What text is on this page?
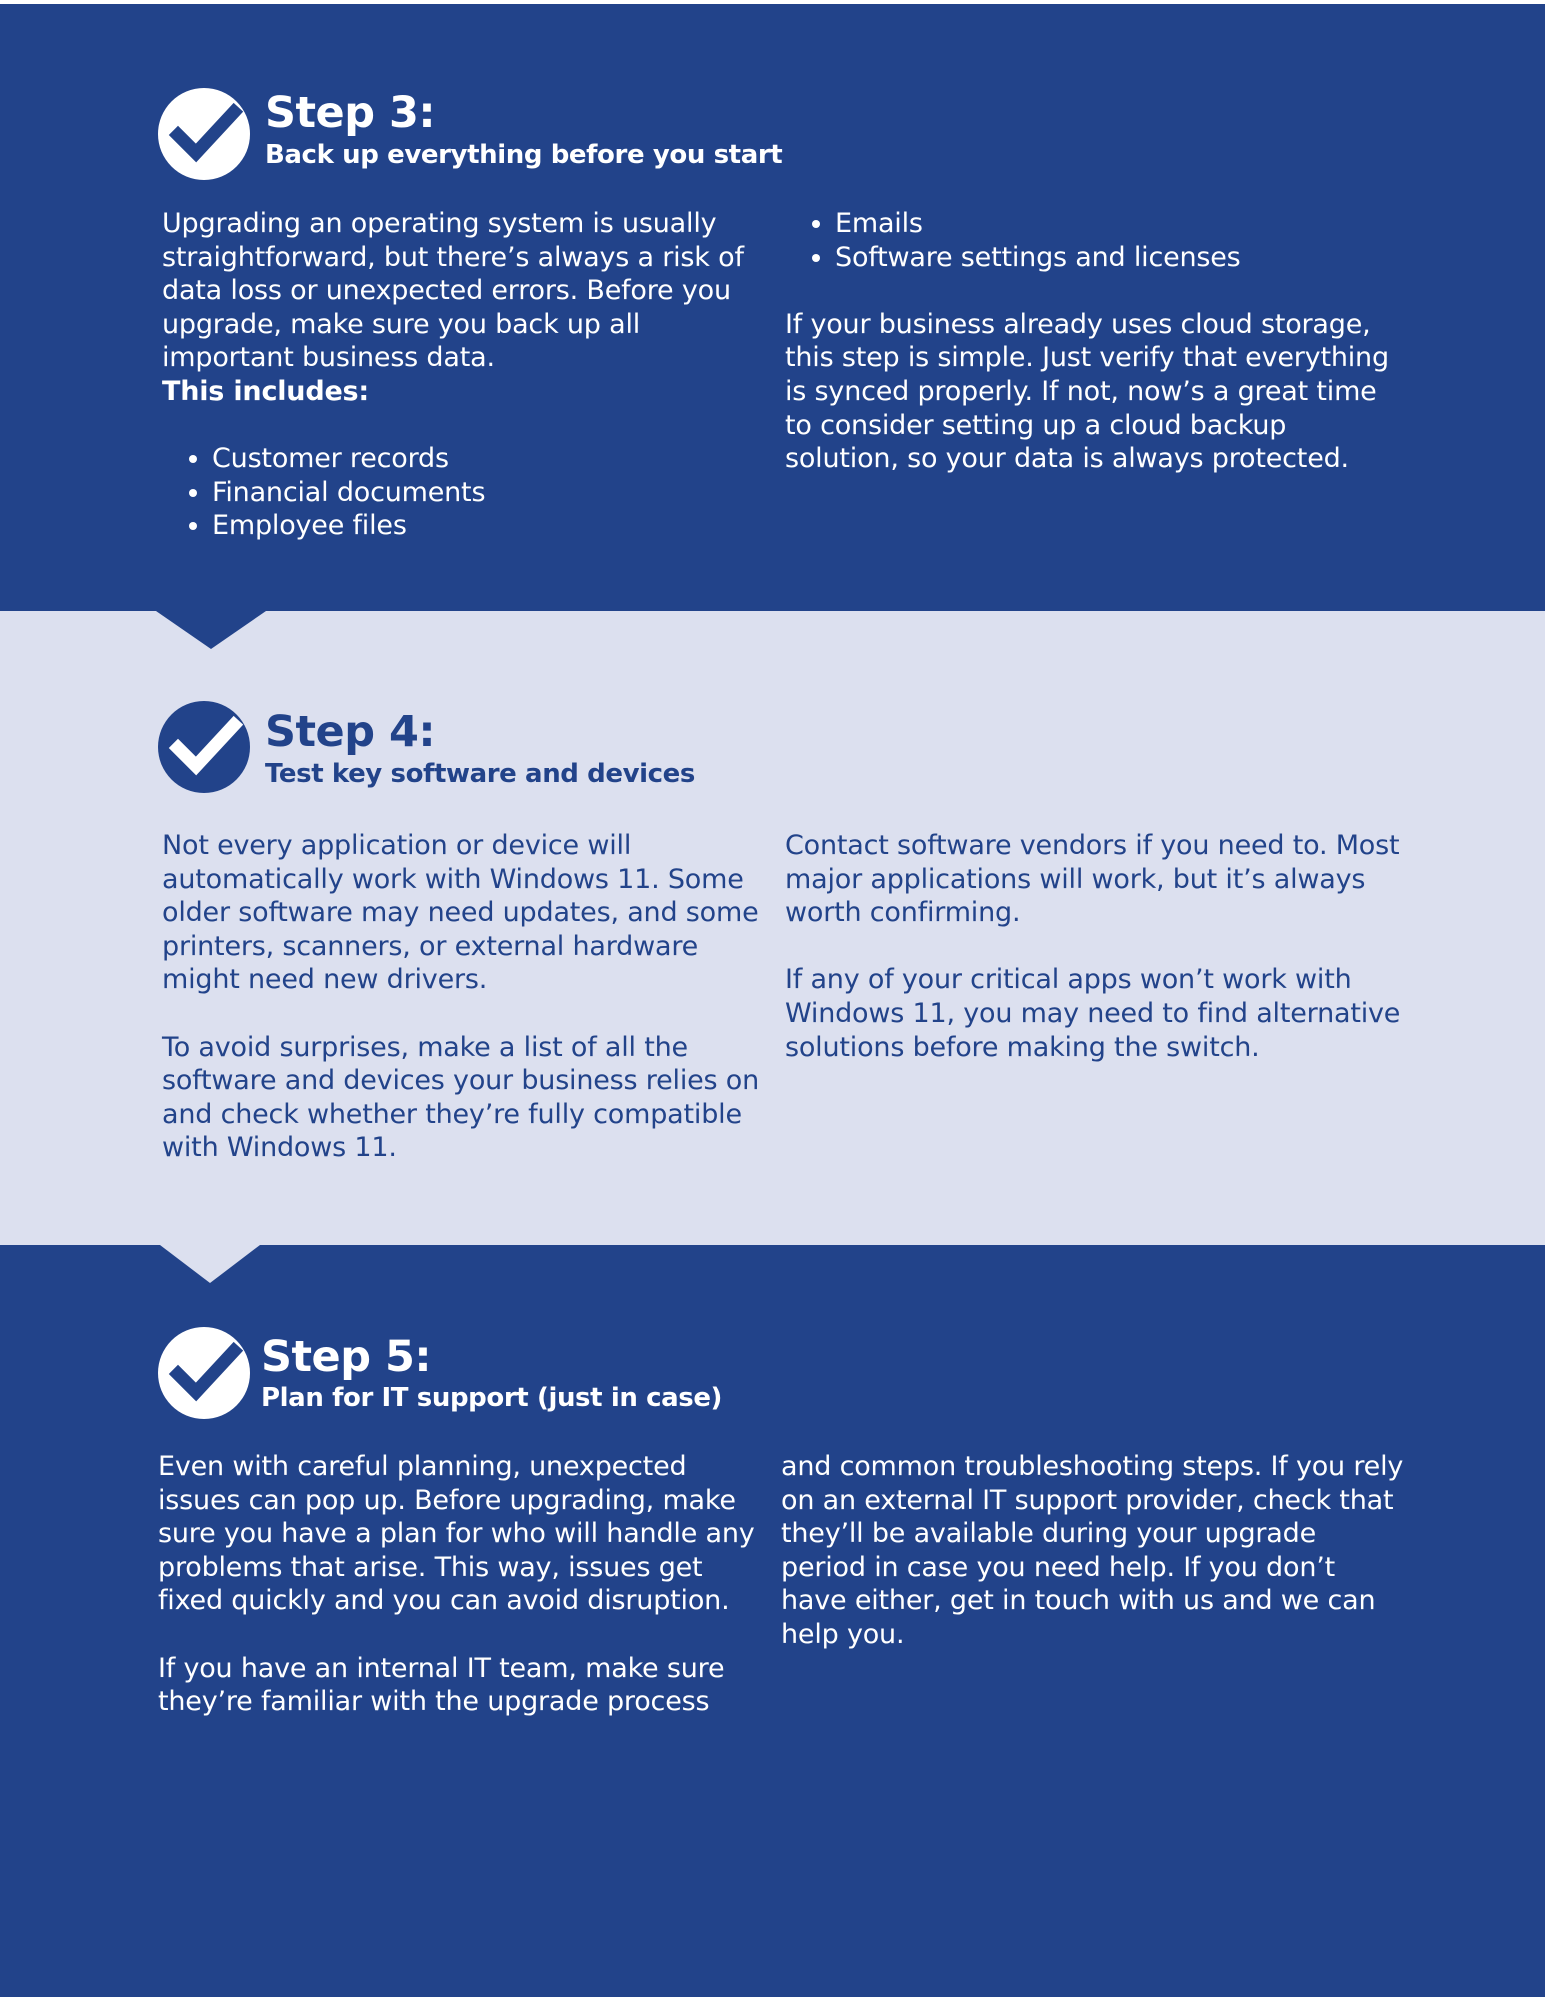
Step 3:
Back up everything before you start

Upgrading an operating system is usually straightforward, but there’s always a risk of data loss or unexpected errors. Before you upgrade, make sure you back up all important business data.

This includes:
• Customer records
• Financial documents
• Employee files
• Emails
• Software settings and licenses

If your business already uses cloud storage, this step is simple. Just verify that everything is synced properly. If not, now’s a great time to consider setting up a cloud backup solution, so your data is always protected.

Step 4:
Test key software and devices

Not every application or device will automatically work with Windows 11. Some older software may need updates, and some printers, scanners, or external hardware might need new drivers.

To avoid surprises, make a list of all the software and devices your business relies on and check whether they’re fully compatible with Windows 11.

Contact software vendors if you need to. Most major applications will work, but it’s always worth confirming.

If any of your critical apps won’t work with Windows 11, you may need to find alternative solutions before making the switch.

Step 5:
Plan for IT support (just in case)

Even with careful planning, unexpected issues can pop up. Before upgrading, make sure you have a plan for who will handle any problems that arise. This way, issues get fixed quickly and you can avoid disruption.

If you have an internal IT team, make sure they’re familiar with the upgrade process

and common troubleshooting steps. If you rely on an external IT support provider, check that they’ll be available during your upgrade period in case you need help. If you don’t have either, get in touch with us and we can help you.
